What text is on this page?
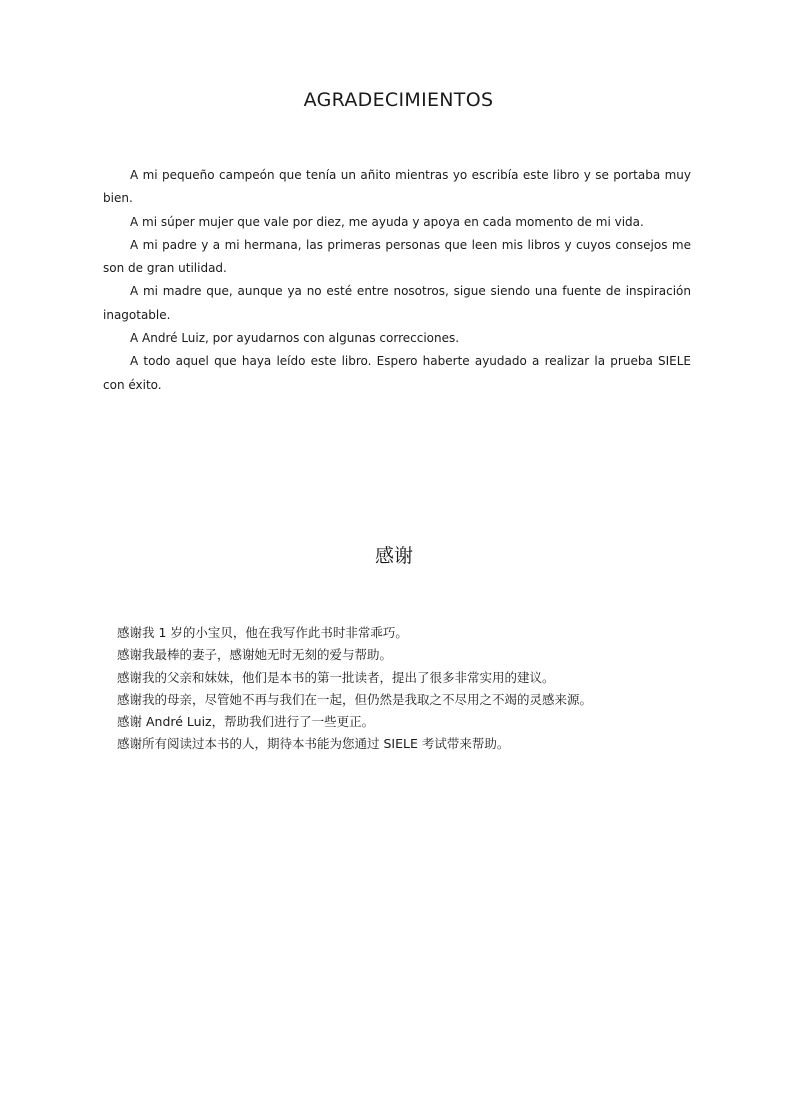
AGRADECIMIENTOS

A mi pequeño campeón que tenía un añito mientras yo escribía este libro y se portaba muy bien.

A mi súper mujer que vale por diez, me ayuda y apoya en cada momento de mi vida.

A mi padre y a mi hermana, las primeras personas que leen mis libros y cuyos consejos me son de gran utilidad.

A mi madre que, aunque ya no esté entre nosotros, sigue siendo una fuente de inspiración inagotable.

A André Luiz, por ayudarnos con algunas correcciones.

A todo aquel que haya leído este libro. Espero haberte ayudado a realizar la prueba SIELE con éxito.

感谢
感谢我 1 岁的小宝贝，他在我写作此书时非常乖巧。
感谢我最棒的妻子，感谢她无时无刻的爱与帮助。
感谢我的父亲和妹妹，他们是本书的第一批读者，提出了很多非常实用的建议。
感谢我的母亲，尽管她不再与我们在一起，但仍然是我取之不尽用之不竭的灵感来源。
感谢 André Luiz，帮助我们进行了一些更正。
感谢所有阅读过本书的人，期待本书能为您通过 SIELE 考试带来帮助。
